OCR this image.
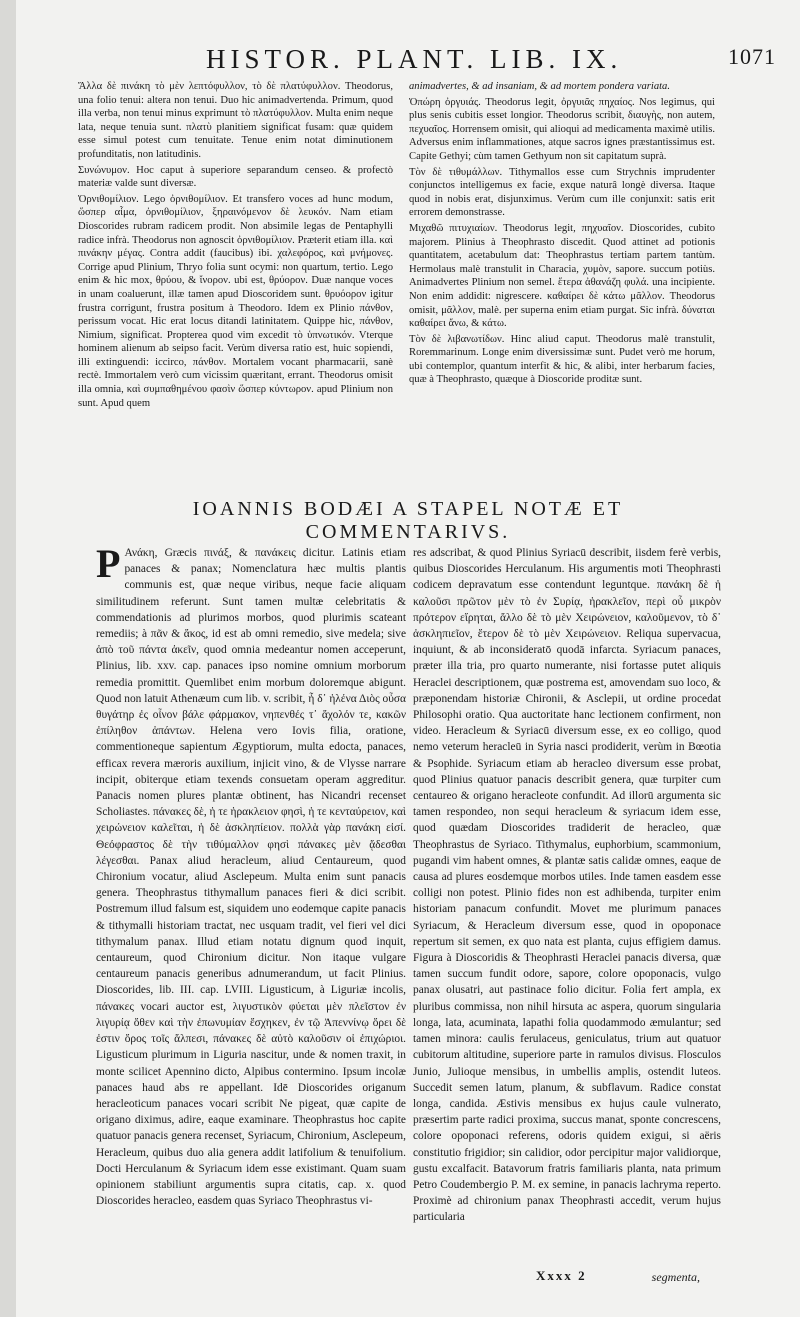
HISTOR. PLANT. LIB. IX.	1071

Ἄλλα δὲ πινάκη τὸ μὲν λεπτόφυλλον, τὸ δὲ πλατύφυλλον. Theodorus, una folio tenui: altera non tenui. Duo hic animadvertenda. Primum, quod illa verba, non tenui minus exprimunt τὸ πλατύφυλλον. Multa enim neque lata, neque tenuia sunt. πλατὺ planitiem significat fusam: quæ quidem esse simul potest cum tenuitate. Tenue enim notat diminutionem profunditatis, non latitudinis.

Συνώνυμον. Hoc caput à superiore separandum censeo. & profectò materiæ valde sunt diversæ.

Ὀρνιθομίλιον. Lego ὀρνιθομίλιον. Et transfero voces ad hunc modum, ὥσπερ αἷμα, ὀρνιθομίλιον, ξηραινόμενον δὲ λευκόν. Nam etiam Dioscorides rubram radicem prodit. Non absimile legas de Pentaphylli radice infrà. Theodorus non agnoscit ὀρνιθομίλιον. Præterit etiam illa. καὶ πινάκην μέγας. Contra addit (faucibus) ibi. χαλεφόρος, καὶ μνήμονες. Corrige apud Plinium, Thryo folia sunt ocymi: non quartum, tertio. Lego enim & hic mox, θρύου, & ἴνορον. ubi est, θρύορον. Duæ nanque voces in unam coaluerunt, illæ tamen apud Dioscoridem sunt. θρυόορον igitur frustra corrigunt, frustra positum à Theodoro. Idem ex Plinio πάνθον, perissum vocat. Hic erat locus ditandi latinitatem. Quippe hic, πάνθον, Nimium, significat. Propterea quod vim excedit τὸ ὑπνωτικόν. Vterque hominem alienum ab seipso facit. Verùm diversa ratio est, huic sopiendi, illi extinguendi: iccirco, πάνθον. Mortalem vocant pharmacarii, sanè rectè. Immortalem verò cum vicissim quæritant, errant. Theodorus omisit illa omnia, καὶ συμπαθημένου φασὶν ὥσπερ κύντωρον. apud Plinium non sunt. Apud quem

animadvertes, & ad insaniam, & ad mortem pondera variata.

Ὀπώρη ὀργυιάς. Theodorus legit, ὀργυιᾶς πηχαίος. Nos legimus, qui plus senis cubitis esset longior. Theodorus scribit, διαυγὴς, non autem, πεχυαῖος. Horrensem omisit, qui alioqui ad medicamenta maximè utilis. Adversus enim inflammationes, atque sacros ignes præstantissimus est. Capite Gethyi; cùm tamen Gethyum non sit capitatum suprà.

Τὸν δὲ τιθυμάλλων. Tithymallos esse cum Strychnis imprudenter conjunctos intelligemus ex facie, exque naturâ longè diversa. Itaque quod in nobis erat, disjunximus. Verùm cum ille conjunxit: satis erit errorem demonstrasse.

Μιχαθῶ πιτυχιαίων. Theodorus legit, πηχυαῖον. Dioscorides, cubito majorem. Plinius à Theophrasto discedit. Quod attinet ad potionis quantitatem, acetabulum dat: Theophrastus tertiam partem tantùm. Hermolaus malè transtulit in Characia, χυμὸν, sapore. succum potiùs. Animadvertes Plinium non semel. ἕτερα ἀθανάζη φυλά. una incipiente. Non enim addidit: nigrescere. καθαίρει δὲ κάτω μᾶλλον. Theodorus omisit, μᾶλλον, malè. per superna enim etiam purgat. Sic infrà. δύναται καθαίρει ἄνω, & κάτω.

Τὸν δὲ λιβανωτίδων. Hinc aliud caput. Theodorus malè transtulit, Roremmarinum. Longe enim diversissimæ sunt. Pudet verò me horum, ubi contemplor, quantum interfit & hic, & alibi, inter herbarum facies, quæ à Theophrasto, quæque à Dioscoride proditæ sunt.

IOANNIS BODÆI A STAPEL NOTÆ ET COMMENTARIVS.

P Ανάκη, Græcis πινάξ, & πανάκεις dicitur. Latinis etiam panaces & panax; Nomenclatura hæc multis plantis communis est, quæ neque viribus, neque facie aliquam similitudinem referunt. Sunt tamen multæ celebritatis & commendationis ad plurimos morbos, quod plurimis scateant remediis; à πᾶν & ἄκος, id est ab omni remedio, sive medela; sive ἀπὸ τοῦ πάντα ἀκεῖν, quod omnia medeantur nomen acceperunt, Plinius, lib. xxv. cap. panaces ipso nomine omnium morborum remedia promittit. Quemlibet enim morbum doloremque abigunt. Quod non latuit Athenæum cum lib. v. scribit, ἦ δ᾽ ἡλένα Διὸς οὖσα θυγάτηρ ἐς οἶνον βάλε φάρμακον, νηπενθές τ᾽ ἄχολόν τε, κακῶν ἐπίληθον ἁπάντων. Helena vero Iovis filia, oratione, commentioneque sapientum Ægyptiorum, multa edocta, panaces, efficax revera mæroris auxilium, injicit vino, & de Vlysse narrare incipit, obiterque etiam texends consuetam operam aggreditur. Panacis nomen plures plantæ obtinent, has Nicandri recenset Scholiastes. πάνακες δὲ, ἡ τε ἡρακλειον φησὶ, ἡ τε κενταύρειον, καὶ χειρώνειον καλεῖται, ἡ δὲ ἀσκληπίειον. πολλὰ γὰρ πανάκη εἰσί. Θεόφραστος δὲ τὴν τιθύμαλλον φησὶ πάνακες μὲν ᾄδεσθαι λέγεσθαι. Panax aliud heracleum, aliud Centaureum, quod Chironium vocatur, aliud Asclepeum. Multa enim sunt panacis genera. Theophrastus tithymallum panaces fieri & dici scribit. Postremum illud falsum est, siquidem uno eodemque capite panacis & tithymalli historiam tractat, nec usquam tradit, vel fieri vel dici tithymalum panax. Illud etiam notatu dignum quod inquit, centaureum, quod Chironium dicitur. Non itaque vulgare centaureum panacis generibus adnumerandum, ut facit Plinius. Dioscorides, lib. III. cap. LVIII. Ligusticum, à Liguriæ incolis, πάνακες vocari auctor est, λιγυστικὸν φύεται μὲν πλεῖστον ἐν λιγυρίᾳ ὄθεν καὶ τὴν ἐπωνυμίαν ἔσχηκεν, ἐν τῷ Ἀπεννίνῳ ὄρει δὲ ἐστιν ὄρος τοῖς ἄλπεσι, πάνακες δὲ αὐτὸ καλοῦσιν οἱ ἐπιχώριοι. Ligusticum plurimum in Liguria nascitur, unde & nomen traxit, in monte scilicet Apennino dicto, Alpibus contermino. Ipsum incolæ panaces haud abs re appellant. Idē Dioscorides origanum heracleoticum panaces vocari scribit Ne pigeat, quæ capite de origano diximus, adire, eaque examinare. Theophrastus hoc capite quatuor panacis genera recenset, Syriacum, Chironium, Asclepeum, Heracleum, quibus duo alia genera addit latifolium & tenuifolium. Docti Herculanum & Syriacum idem esse existimant. Quam suam opinionem stabiliunt argumentis supra citatis, cap. x. quod Dioscorides heracleo, easdem quas Syriaco Theophrastus vi-

res adscribat, & quod Plinius Syriacū describit, iisdem ferè verbis, quibus Dioscorides Herculanum. His argumentis moti Theophrasti codicem depravatum esse contendunt leguntque. πανάκη δὲ ἡ καλοῦσι πρῶτον μὲν τὸ ἐν Συρίᾳ, ἡρακλεῖον, περὶ οὗ μικρὸν πρότερον εἴρηται, ἄλλο δὲ τὸ μὲν Χειρώνειον, καλοῦμενον, τὸ δ᾽ ἀσκληπιεῖον, ἕτερον δὲ τὸ μὲν Χειρώνειον. Reliqua supervacua, inquiunt, & ab inconsideratō quodā infarcta. Syriacum panaces, præter illa tria, pro quarto numerante, nisi fortasse putet aliquis Heraclei descriptionem, quæ postrema est, amovendam suo loco, & præponendam historiæ Chironii, & Asclepii, ut ordine procedat Philosophi oratio. Qua auctoritate hanc lectionem confirment, non video. Heracleum & Syriacū diversum esse, ex eo colligo, quod nemo veterum heracleū in Syria nasci prodiderit, verùm in Bœotia & Psophide. Syriacum etiam ab heracleo diversum esse probat, quod Plinius quatuor panacis describit genera, quæ turpiter cum centaureo & origano heracleote confundit. Ad illorū argumenta sic tamen respondeo, non sequi heracleum & syriacum idem esse, quod quædam Dioscorides tradiderit de heracleo, quæ Theophrastus de Syriaco. Tithymalus, euphorbium, scammonium, pugandi vim habent omnes, & plantæ satis calidæ omnes, eaque de causa ad plures eosdemque morbos utiles. Inde tamen easdem esse colligi non potest. Plinio fides non est adhibenda, turpiter enim historiam panacum confundit. Movet me plurimum panaces Syriacum, & Heracleum diversum esse, quod in opoponace repertum sit semen, ex quo nata est planta, cujus effigiem damus. Figura à Dioscoridis & Theophrasti Heraclei panacis diversa, quæ tamen succum fundit odore, sapore, colore opoponacis, vulgo panax olusatri, aut pastinace folio dicitur. Folia fert ampla, ex pluribus commissa, non nihil hirsuta ac aspera, quorum singularia longa, lata, acuminata, lapathi folia quodammodo æmulantur; sed tamen minora: caulis ferulaceus, geniculatus, trium aut quatuor cubitorum altitudine, superiore parte in ramulos divisus. Flosculos Junio, Julioque mensibus, in umbellis amplis, ostendit luteos. Succedit semen latum, planum, & subflavum. Radice constat longa, candida. Æstivis mensibus ex hujus caule vulnerato, præsertim parte radici proxima, succus manat, sponte concrescens, colore opoponaci referens, odoris quidem exigui, si aëris constitutio frigidior; sin calidior, odor percipitur major validiorque, gustu excalfacit. Batavorum fratris familiaris planta, nata primum Petro Coudembergio P. M. ex semine, in panacis lachryma reperto. Proximè ad chironium panax Theophrasti accedit, verum hujus particularia

Xxxx 2	segmenta,
